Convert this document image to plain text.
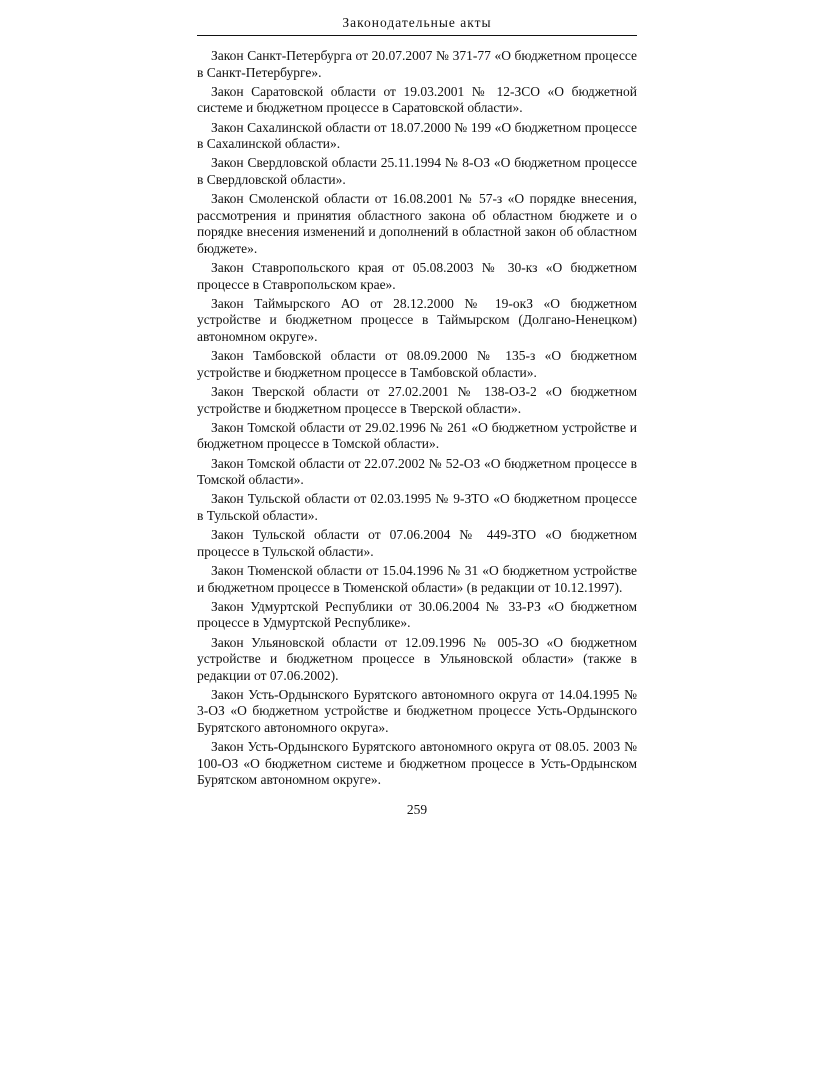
Законодательные акты

Закон Санкт-Петербурга от 20.07.2007 № 371-77 «О бюджетном процессе в Санкт-Петербурге».

Закон Саратовской области от 19.03.2001 № 12-ЗСО «О бюджетной системе и бюджетном процессе в Саратовской области».

Закон Сахалинской области от 18.07.2000 № 199 «О бюджетном процессе в Сахалинской области».

Закон Свердловской области 25.11.1994 № 8-ОЗ «О бюджетном процессе в Свердловской области».

Закон Смоленской области от 16.08.2001 № 57-з «О порядке внесения, рассмотрения и принятия областного закона об областном бюджете и о порядке внесения изменений и дополнений в областной закон об областном бюджете».

Закон Ставропольского края от 05.08.2003 № 30-кз «О бюджетном процессе в Ставропольском крае».

Закон Таймырского АО от 28.12.2000 № 19-окЗ «О бюджетном устройстве и бюджетном процессе в Таймырском (Долгано-Ненецком) автономном округе».

Закон Тамбовской области от 08.09.2000 № 135-з «О бюджетном устройстве и бюджетном процессе в Тамбовской области».

Закон Тверской области от 27.02.2001 № 138-ОЗ-2 «О бюджетном устройстве и бюджетном процессе в Тверской области».

Закон Томской области от 29.02.1996 № 261 «О бюджетном устройстве и бюджетном процессе в Томской области».

Закон Томской области от 22.07.2002 № 52-ОЗ «О бюджетном процессе в Томской области».

Закон Тульской области от 02.03.1995 № 9-ЗТО «О бюджетном процессе в Тульской области».

Закон Тульской области от 07.06.2004 № 449-ЗТО «О бюджетном процессе в Тульской области».

Закон Тюменской области от 15.04.1996 № 31 «О бюджетном устройстве и бюджетном процессе в Тюменской области» (в редакции от 10.12.1997).

Закон Удмуртской Республики от 30.06.2004 № 33-РЗ «О бюджетном процессе в Удмуртской Республике».

Закон Ульяновской области от 12.09.1996 № 005-ЗО «О бюджетном устройстве и бюджетном процессе в Ульяновской области» (также в редакции от 07.06.2002).

Закон Усть-Ордынского Бурятского автономного округа от 14.04.1995 № 3-ОЗ «О бюджетном устройстве и бюджетном процессе Усть-Ордынского Бурятского автономного округа».

Закон Усть-Ордынского Бурятского автономного округа от 08.05. 2003 № 100-ОЗ «О бюджетном системе и бюджетном процессе в Усть-Ордынском Бурятском автономном округе».

259
